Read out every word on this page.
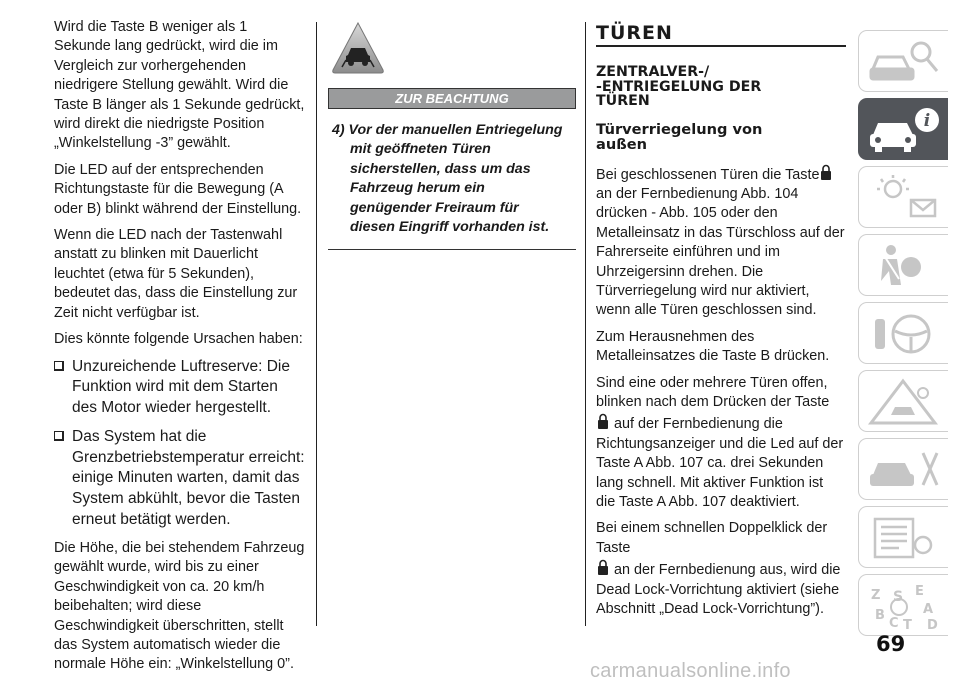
Wird die Taste B weniger als 1 Sekunde lang gedrückt, wird die im Vergleich zur vorhergehenden niedrigere Stellung gewählt. Wird die Taste B länger als 1 Sekunde gedrückt, wird direkt die niedrigste Position „Winkelstellung -3” gewählt.

Die LED auf der entsprechenden Richtungstaste für die Bewegung (A oder B) blinkt während der Einstellung.

Wenn die LED nach der Tastenwahl anstatt zu blinken mit Dauerlicht leuchtet (etwa für 5 Sekunden), bedeutet das, dass die Einstellung zur Zeit nicht verfügbar ist.

Dies könnte folgende Ursachen haben:

Unzureichende Luftreserve: Die Funktion wird mit dem Starten des Motor wieder hergestellt.
Das System hat die Grenzbetriebstemperatur erreicht: einige Minuten warten, damit das System abkühlt, bevor die Tasten erneut betätigt werden.

Die Höhe, die bei stehendem Fahrzeug gewählt wurde, wird bis zu einer Geschwindigkeit von ca. 20 km/h beibehalten; wird diese Geschwindigkeit überschritten, stellt das System automatisch wieder die normale Höhe ein: „Winkelstellung 0”.

ZUR BEACHTUNG
4) Vor der manuellen Entriegelung mit geöffneten Türen sicherstellen, dass um das Fahrzeug herum ein genügender Freiraum für diesen Eingriff vorhanden ist.
TÜREN
ZENTRALVER-/
-ENTRIEGELUNG DER
TÜREN
Türverriegelung von
außen

Bei geschlossenen Türen die Tastean der Fernbedienung Abb. 104 drücken - Abb. 105 oder den Metalleinsatz in das Türschloss auf der Fahrerseite einführen und im Uhrzeigersinn drehen. Die Türverriegelung wird nur aktiviert, wenn alle Türen geschlossen sind.

Zum Herausnehmen des Metalleinsatzes die Taste B drücken.

Sind eine oder mehrere Türen offen, blinken nach dem Drücken der Taste
auf der Fernbedienung die Richtungsanzeiger und die Led auf der Taste A Abb. 107 ca. drei Sekunden lang schnell. Mit aktiver Funktion ist die Taste A Abb. 107 deaktiviert.

Bei einem schnellen Doppelklick der Taste
an der Fernbedienung aus, wird die Dead Lock-Vorrichtung aktiviert (siehe Abschnitt „Dead Lock-Vorrichtung”).

i
Z	E
S
A
B
C T D
69
carmanualsonline.info
